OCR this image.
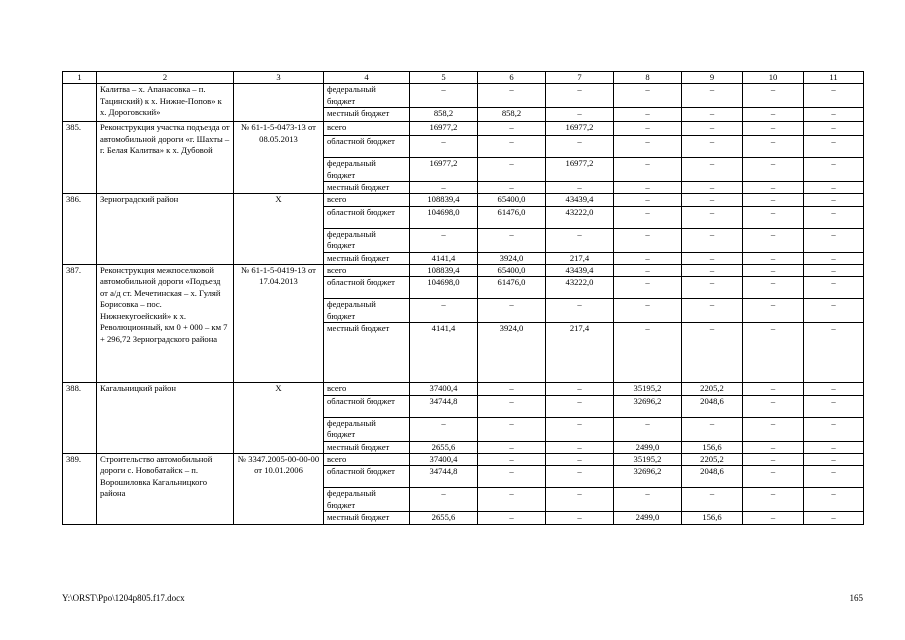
1	2	3	4	5	6	7	8	9	10	11
	Калитва – х. Апанасовка – п. Тацинский) к х. Нижне-Попов» к х. Дороговский»		федеральный бюджет	–	–	–	–	–	–	–
			местный бюджет	858,2	858,2	–	–	–	–	–
385.	Реконструкция участка подъезда от автомобильной дороги «г. Шахты – г. Белая Калитва» к х. Дубовой	№ 61-1-5-0473-13 от 08.05.2013	всего	16977,2	–	16977,2	–	–	–	–
			областной бюджет	–	–	–	–	–	–	–
			федеральный бюджет	16977,2	–	16977,2	–	–	–	–
			местный бюджет	–	–	–	–	–	–	–
386.	Зерноградский район	X	всего	108839,4	65400,0	43439,4	–	–	–	–
			областной бюджет	104698,0	61476,0	43222,0	–	–	–	–
			федеральный бюджет	–	–	–	–	–	–	–
			местный бюджет	4141,4	3924,0	217,4	–	–	–	–
387.	Реконструкция межпоселковой автомобильной дороги «Подъезд от а/д ст. Мечетинская – х. Гуляй Борисовка – пос. Нижнекугоейский» к х. Революционный, км 0 + 000 – км 7 + 296,72 Зерноградского района	№ 61-1-5-0419-13 от 17.04.2013	всего	108839,4	65400,0	43439,4	–	–	–	–
			областной бюджет	104698,0	61476,0	43222,0	–	–	–	–
			федеральный бюджет	–	–	–	–	–	–	–
			местный бюджет	4141,4	3924,0	217,4	–	–	–	–
388.	Кагальницкий район	X	всего	37400,4	–	–	35195,2	2205,2	–	–
			областной бюджет	34744,8	–	–	32696,2	2048,6	–	–
			федеральный бюджет	–	–	–	–	–	–	–
			местный бюджет	2655,6	–	–	2499,0	156,6	–	–
389.	Строительство автомобильной дороги с. Новобатайск – п. Ворошиловка Кагальницкого района	№ 3347.2005-00-00-00 от 10.01.2006	всего	37400,4	–	–	35195,2	2205,2	–	–
			областной бюджет	34744,8	–	–	32696,2	2048,6	–	–
			федеральный бюджет	–	–	–	–	–	–	–
			местный бюджет	2655,6	–	–	2499,0	156,6	–	–
Y:\ORST\Ppo\1204p805.f17.docx	165
